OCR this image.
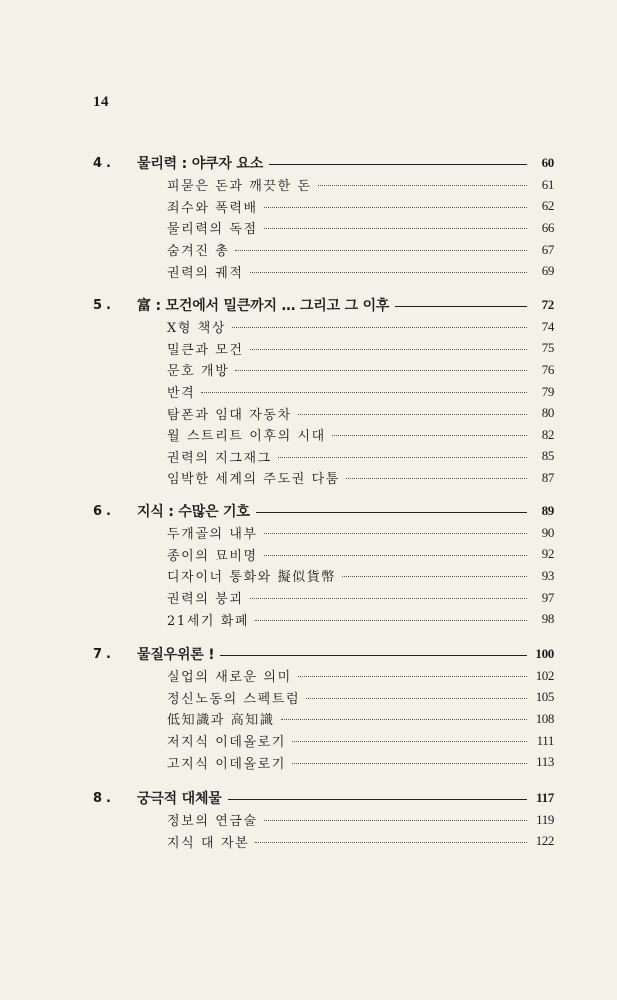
14
4.	물리력 : 야쿠자 요소	60
피묻은 돈과 깨끗한 돈	61
죄수와 폭력배	62
물리력의 독점	66
숨겨진 총	67
권력의 궤적	69
5.	富 : 모건에서 밀큰까지 … 그리고 그 이후	72
X형 책상	74
밀큰과 모건	75
문호 개방	76
반격	79
탐폰과 임대 자동차	80
월 스트리트 이후의 시대	82
권력의 지그재그	85
임박한 세계의 주도권 다툼	87
6.	지식 : 수많은 기호	89
두개골의 내부	90
종이의 묘비명	92
디자이너 통화와 擬似貨幣	93
권력의 붕괴	97
21세기 화폐	98
7.	물질우위론 !	100
실업의 새로운 의미	102
정신노동의 스펙트럼	105
低知識과 高知識	108
저지식 이데올로기	111
고지식 이데올로기	113
8.	궁극적 대체물	117
정보의 연금술	119
지식 대 자본	122
